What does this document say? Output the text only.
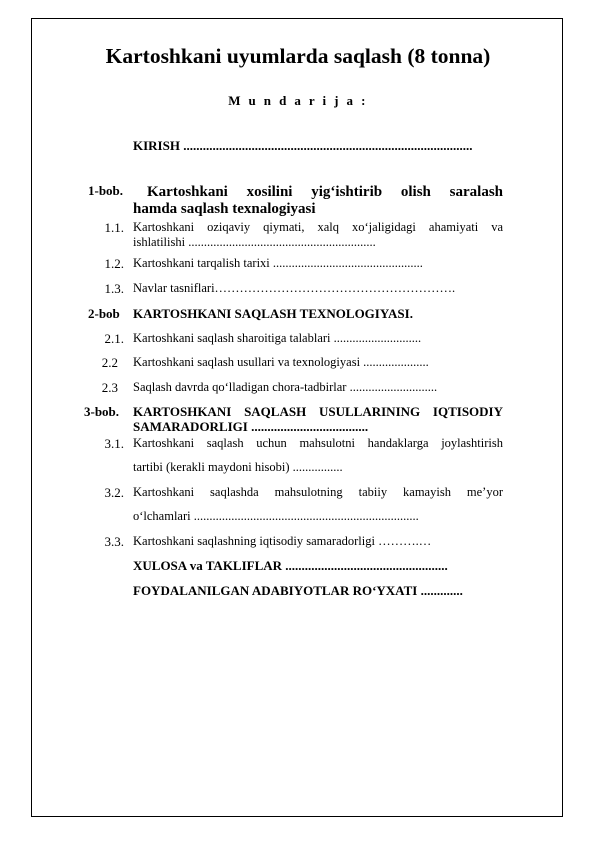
Kartoshkani uyumlarda saqlash (8 tonna)
M u n d a r i j a :
KIRISH .........................................................................................
1-bob.	Kartoshkani xosilini yig‘ishtirib olish saralash
hamda saqlash texnalogiyasi
1.1. Kartoshkani oziqaviy qiymati, xalq xo‘jaligidagi ahamiyati va
ishlatilishi ............................................................
1.2. Kartoshkani tarqalish tarixi ................................................
1.3. Navlar tasniflari………………………………………………….
2-bob KARTOSHKANI SAQLASH TEXNOLOGIYASI.
2.1. Kartoshkani saqlash sharoitiga talablari ............................
2.2 Kartoshkani saqlash usullari va texnologiyasi .....................
2.3 Saqlash davrda qo‘lladigan chora-tadbirlar ............................
3-bob. KARTOSHKANI SAQLASH USULLARINING IQTISODIY
SAMARADORLIGI ....................................
3.1. Kartoshkani saqlash uchun mahsulotni handaklarga joylashtirish
tartibi (kerakli maydoni hisobi) ................
3.2. Kartoshkani saqlashda mahsulotning tabiiy kamayish me’yor
o‘lchamlari ........................................................................
3.3. Kartoshkani saqlashning iqtisodiy samaradorligi ……….…
XULOSA va TAKLIFLAR ..................................................
FOYDALANILGAN ADABIYOTLAR RO‘YXATI .............
